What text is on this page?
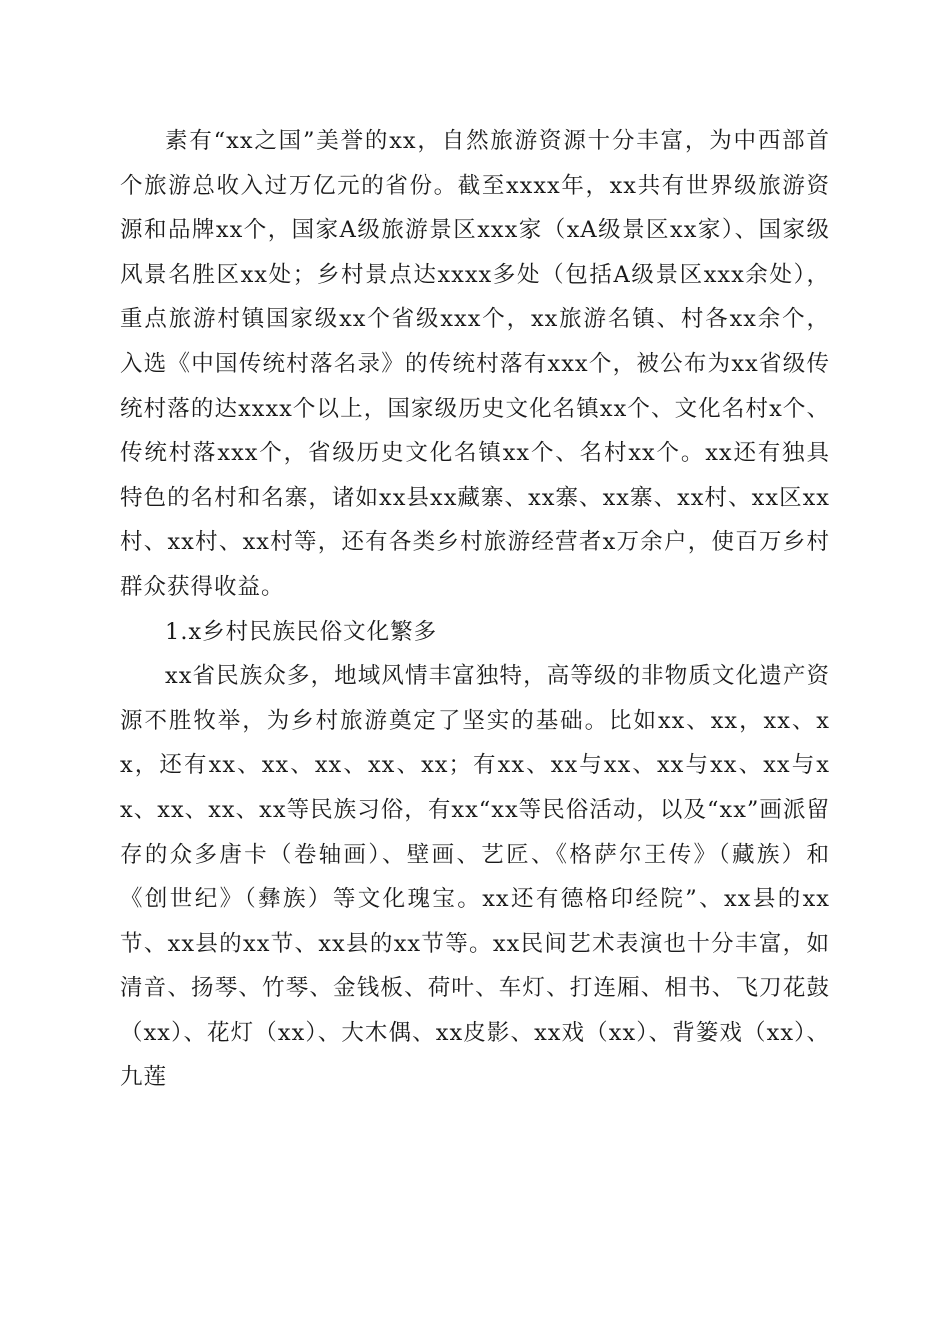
素有“xx之国”美誉的xx，自然旅游资源十分丰富，为中西部首个旅游总收入过万亿元的省份。截至xxxx年，xx共有世界级旅游资源和品牌xx个，国家A级旅游景区xxx家（xA级景区xx家）、国家级风景名胜区xx处；乡村景点达xxxx多处（包括A级景区xxx余处），重点旅游村镇国家级xx个省级xxx个，xx旅游名镇、村各xx余个，入选《中国传统村落名录》的传统村落有xxx个，被公布为xx省级传统村落的达xxxx个以上，国家级历史文化名镇xx个、文化名村x个、传统村落xxx个，省级历史文化名镇xx个、名村xx个。xx还有独具特色的名村和名寨，诸如xx县xx藏寨、xx寨、xx寨、xx村、xx区xx村、xx村、xx村等，还有各类乡村旅游经营者x万余户，使百万乡村群众获得收益。

1.x乡村民族民俗文化繁多

xx省民族众多，地域风情丰富独特，高等级的非物质文化遗产资源不胜牧举，为乡村旅游奠定了坚实的基础。比如xx、xx，xx、xx，还有xx、xx、xx、xx、xx；有xx、xx与xx、xx与xx、xx与xx、xx、xx、xx等民族习俗，有xx“xx等民俗活动，以及“xx”画派留存的众多唐卡（卷轴画）、壁画、艺匠、《格萨尔王传》（藏族）和《创世纪》（彝族）等文化瑰宝。xx还有德格印经院”、xx县的xx节、xx县的xx节、xx县的xx节等。xx民间艺术表演也十分丰富，如清音、扬琴、竹琴、金钱板、荷叶、车灯、打连厢、相书、飞刀花鼓（xx）、花灯（xx）、大木偶、xx皮影、xx戏（xx）、背篓戏（xx）、九莲
